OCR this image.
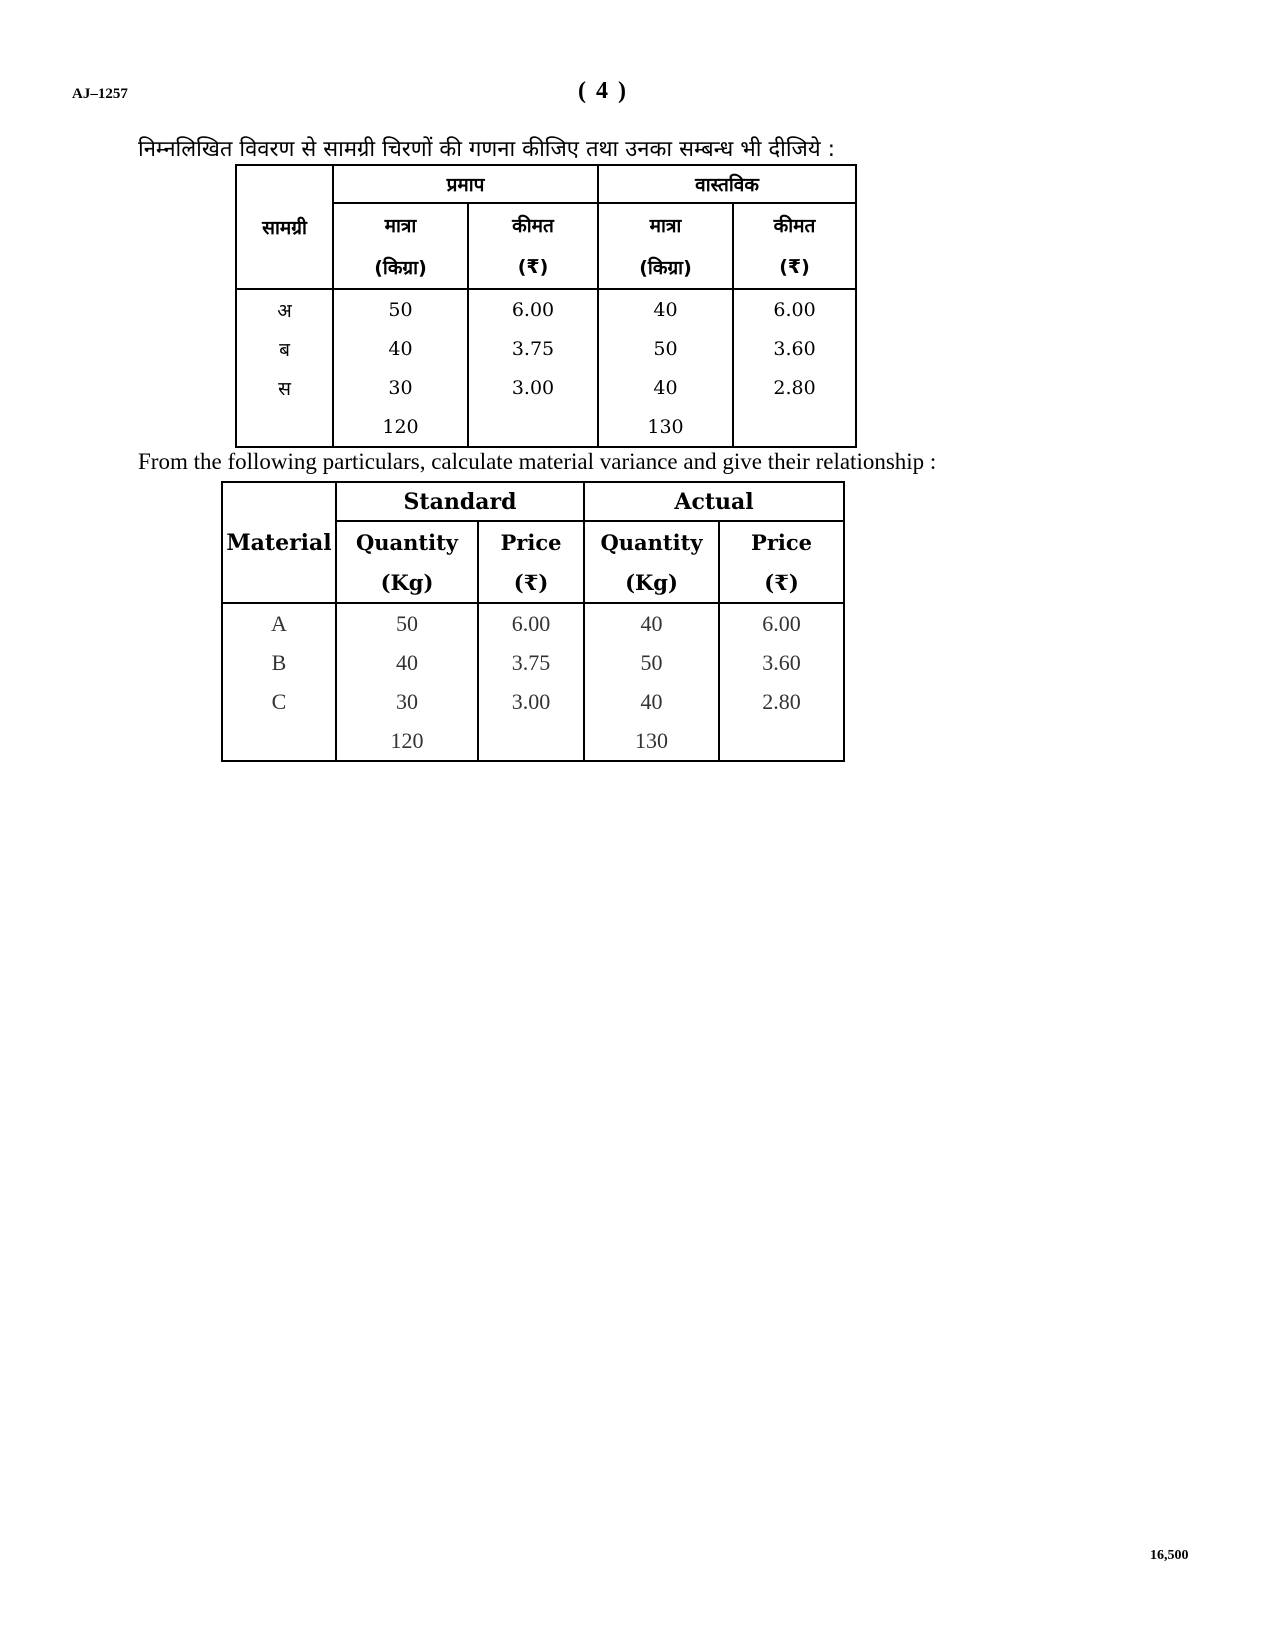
AJ–1257	( 4 )
निम्नलिखित विवरण से सामग्री चिरणों की गणना कीजिए तथा उनका सम्बन्ध भी दीजिये :
सामग्री	प्रमाप		वास्तविक	
	मात्रा	कीमत	मात्रा	कीमत
	(किग्रा)	(₹)	(किग्रा)	(₹)
अ	50	6.00	40	6.00
ब	40	3.75	50	3.60
स	30	3.00	40	2.80
	120		130	
From the following particulars, calculate material variance and give their relationship :
Material	Standard		Actual	
	Quantity	Price	Quantity	Price
	(Kg)	(₹)	(Kg)	(₹)
A	50	6.00	40	6.00
B	40	3.75	50	3.60
C	30	3.00	40	2.80
	120		130	
16,500
